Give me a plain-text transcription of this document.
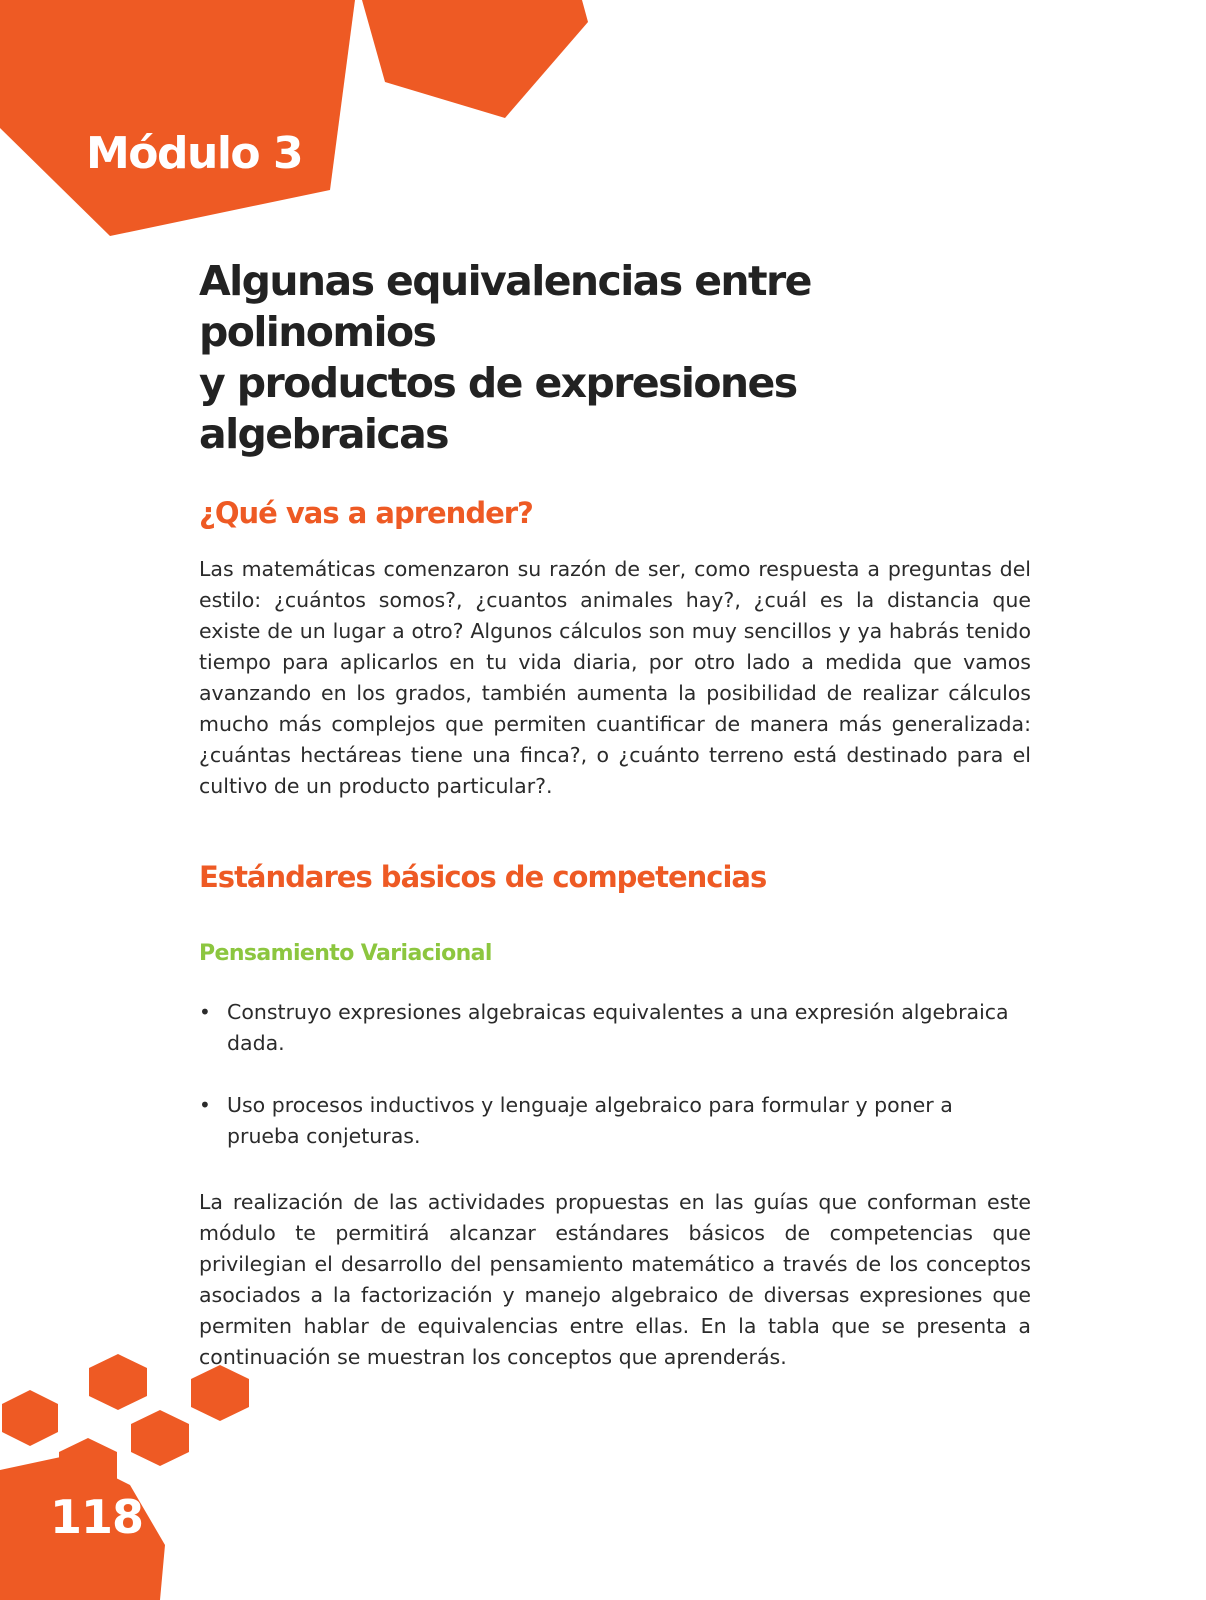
Módulo 3
118
Algunas equivalencias entre polinomios
y productos de expresiones algebraicas
¿Qué vas a aprender?

Las matemáticas comenzaron su razón de ser, como respuesta a preguntas del estilo: ¿cuántos somos?, ¿cuantos animales hay?, ¿cuál es la distancia que existe de un lugar a otro? Algunos cálculos son muy sencillos y ya habrás tenido tiempo para aplicarlos en tu vida diaria, por otro lado a medida que vamos avanzando en los grados, también aumenta la posibilidad de realizar cálculos mucho más complejos que permiten cuantificar de manera más generalizada: ¿cuántas hectáreas tiene una finca?, o ¿cuánto terreno está destinado para el cultivo de un producto particular?.

Estándares básicos de competencias
Pensamiento Variacional
• Construyo expresiones algebraicas equivalentes a una expresión algebraica dada.
• Uso procesos inductivos y lenguaje algebraico para formular y poner a prueba conjeturas.

La realización de las actividades propuestas en las guías que conforman este módulo te permitirá alcanzar estándares básicos de competencias que privilegian el desarrollo del pensamiento matemático a través de los conceptos asociados a la factorización y manejo algebraico de diversas expresiones que permiten hablar de equivalencias entre ellas. En la tabla que se presenta a continuación se muestran los conceptos que aprenderás.
